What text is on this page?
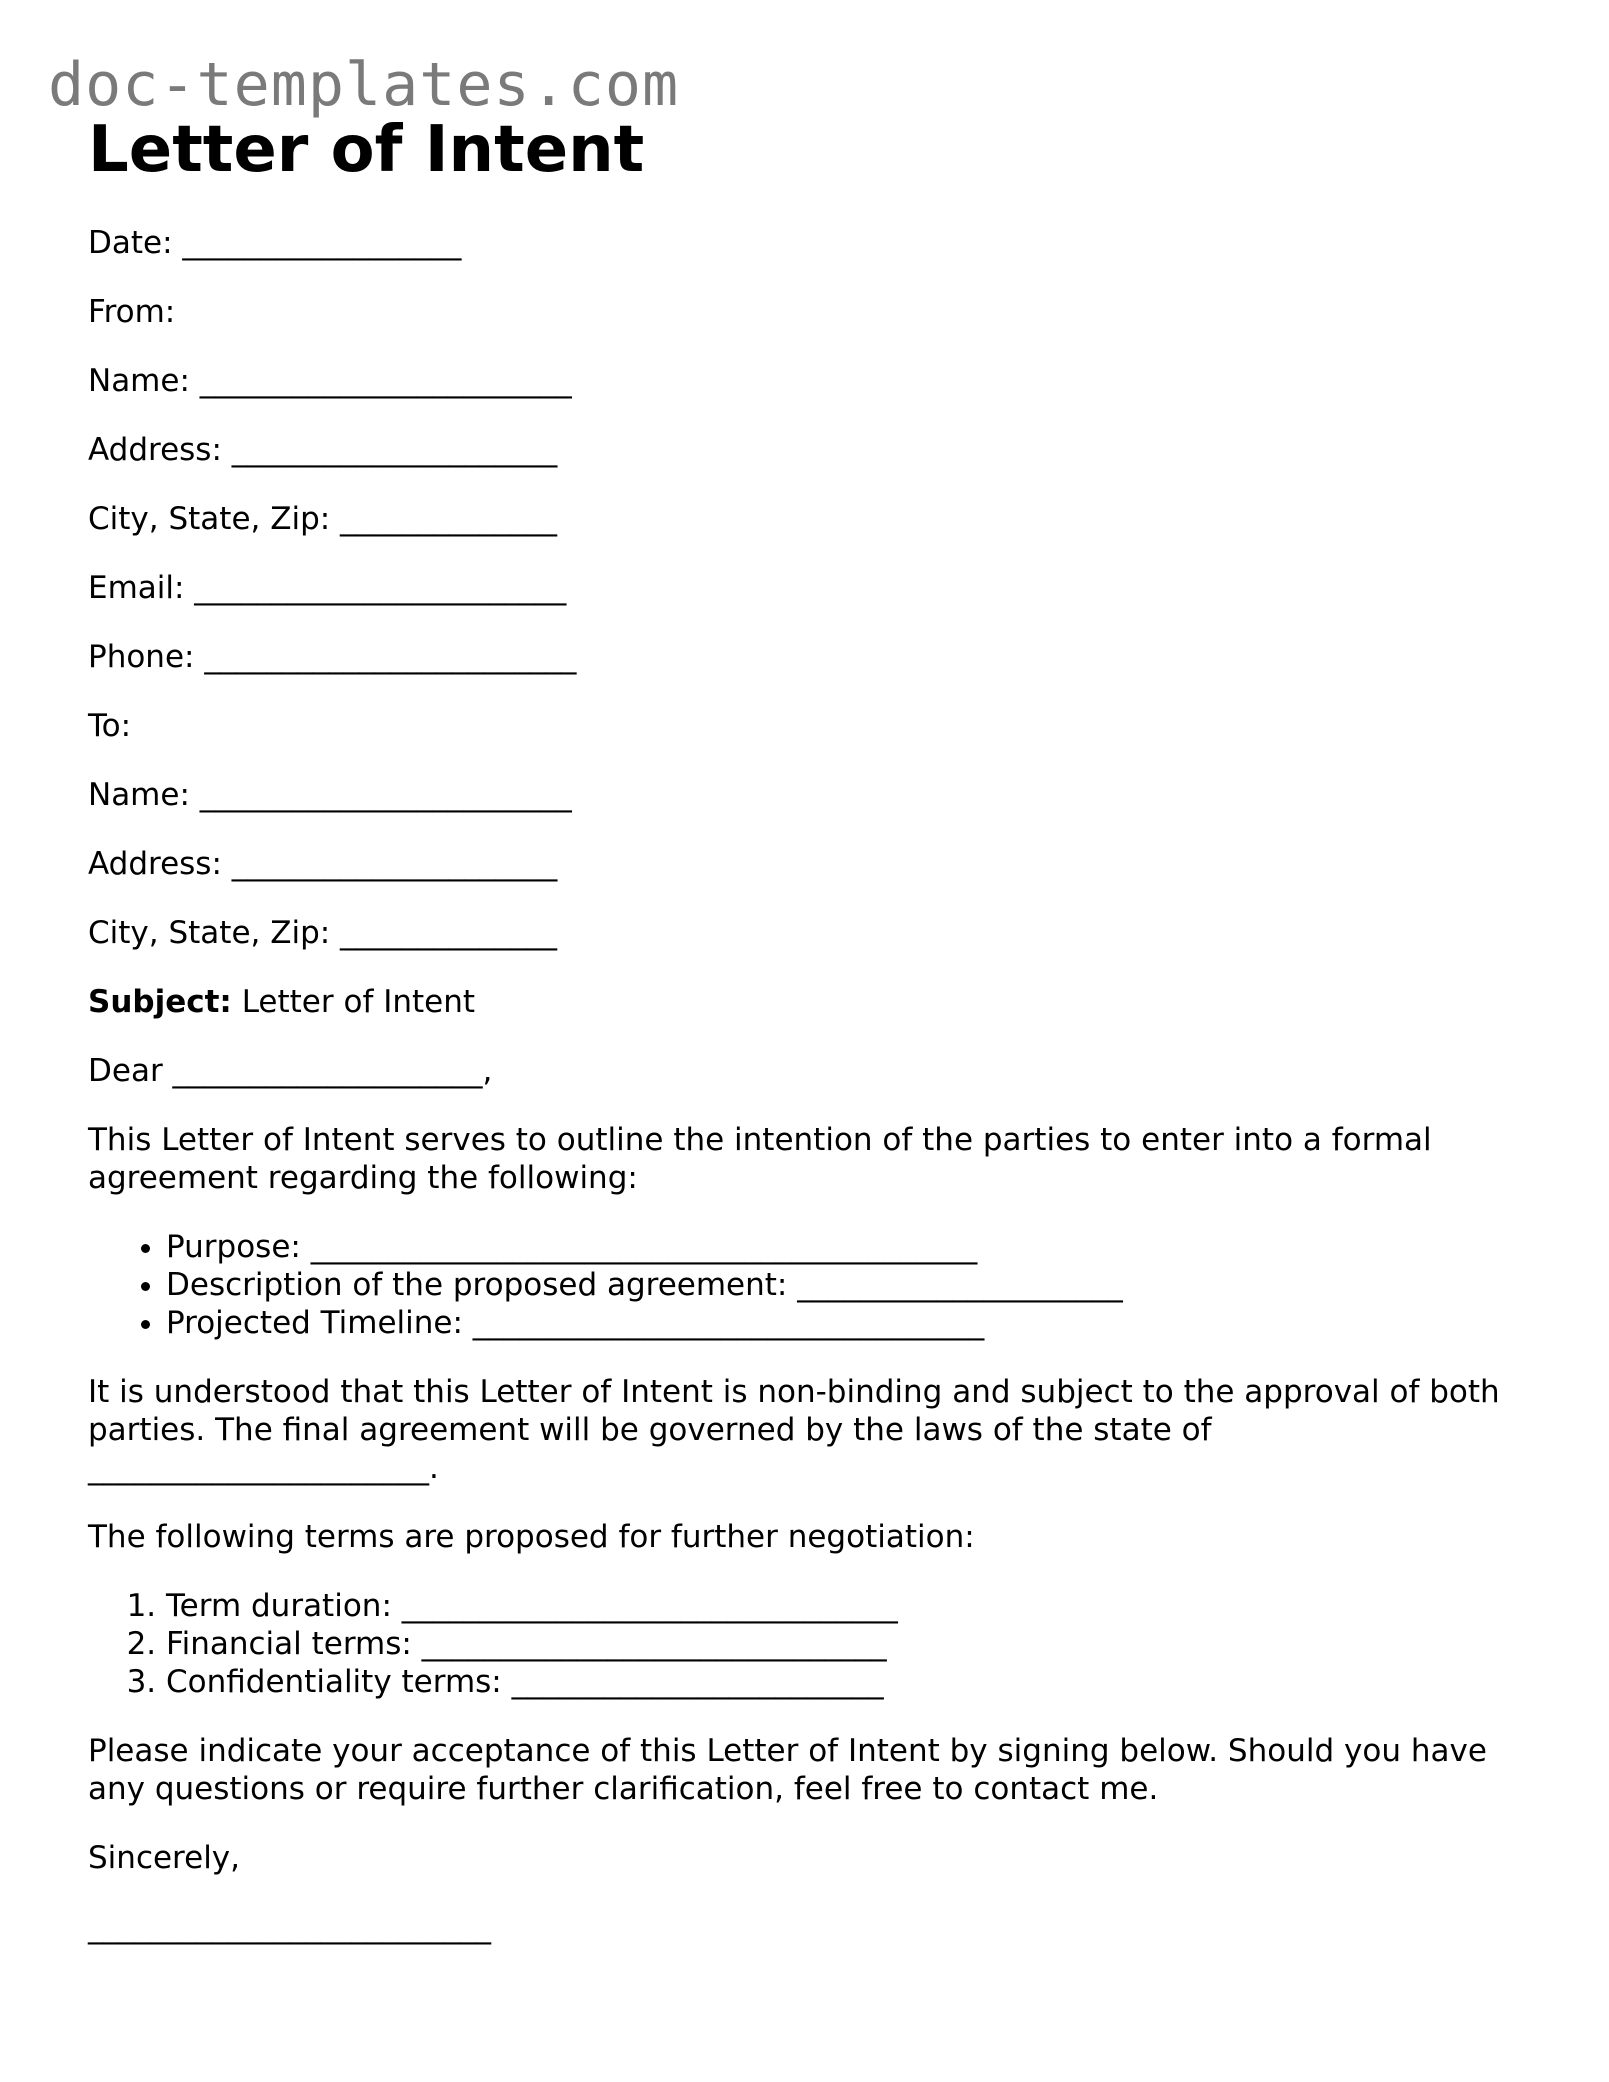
doc-templates.com
Letter of Intent
Date: __________________
From:
Name: ________________________
Address: _____________________
City, State, Zip: ______________
Email: ________________________
Phone: ________________________
To:
Name: ________________________
Address: _____________________
City, State, Zip: ______________
Subject: Letter of Intent
Dear ____________________,

This Letter of Intent serves to outline the intention of the parties to enter into a formal agreement regarding the following:

• Purpose: ___________________________________________
• Description of the proposed agreement: _____________________
• Projected Timeline: _________________________________

It is understood that this Letter of Intent is non-binding and subject to the approval of both parties. The final agreement will be governed by the laws of the state of ______________________.

The following terms are proposed for further negotiation:

1. Term duration: ________________________________
2. Financial terms: ______________________________
3. Confidentiality terms: ________________________

Please indicate your acceptance of this Letter of Intent by signing below. Should you have any questions or require further clarification, feel free to contact me.

Sincerely,

__________________________
